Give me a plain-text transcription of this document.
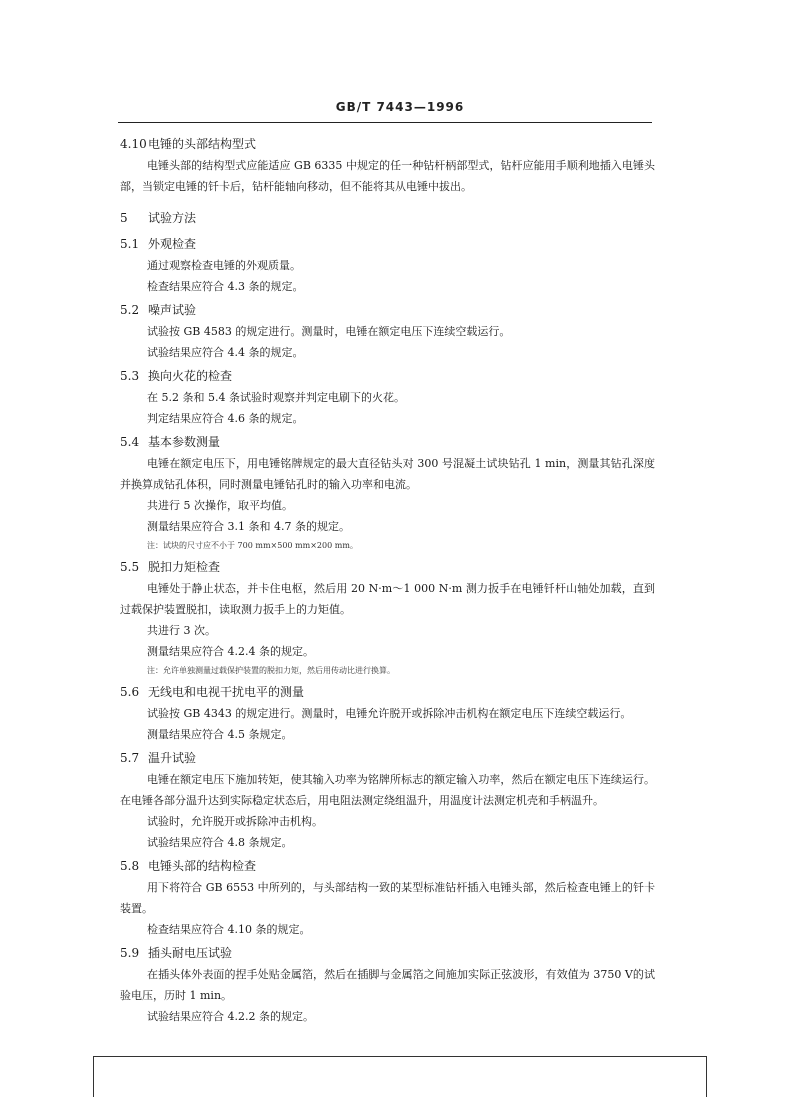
GB/T 7443—1996
4.10电锤的头部结构型式

电锤头部的结构型式应能适应 GB 6335 中规定的任一种钻杆柄部型式，钻杆应能用手顺利地插入电锤头部，当锁定电锤的钎卡后，钻杆能轴向移动，但不能将其从电锤中拔出。

5 试验方法
5.1 外观检查

通过观察检查电锤的外观质量。

检查结果应符合 4.3 条的规定。

5.2 噪声试验

试验按 GB 4583 的规定进行。测量时，电锤在额定电压下连续空载运行。

试验结果应符合 4.4 条的规定。

5.3 换向火花的检查

在 5.2 条和 5.4 条试验时观察并判定电刷下的火花。

判定结果应符合 4.6 条的规定。

5.4 基本参数测量

电锤在额定电压下，用电锤铭牌规定的最大直径钻头对 300 号混凝土试块钻孔 1 min，测量其钻孔深度并换算成钻孔体积，同时测量电锤钻孔时的输入功率和电流。

共进行 5 次操作，取平均值。

测量结果应符合 3.1 条和 4.7 条的规定。

注：试块的尺寸应不小于 700 mm×500 mm×200 mm。
5.5 脱扣力矩检查

电锤处于静止状态，并卡住电枢，然后用 20 N·m～1 000 N·m 测力扳手在电锤钎杆山轴处加载，直到过载保护装置脱扣，读取测力扳手上的力矩值。

共进行 3 次。

测量结果应符合 4.2.4 条的规定。

注：允许单独测量过载保护装置的脱扣力矩，然后用传动比进行换算。
5.6 无线电和电视干扰电平的测量

试验按 GB 4343 的规定进行。测量时，电锤允许脱开或拆除冲击机构在额定电压下连续空载运行。

测量结果应符合 4.5 条规定。

5.7 温升试验

电锤在额定电压下施加转矩，使其输入功率为铭牌所标志的额定输入功率，然后在额定电压下连续运行。在电锤各部分温升达到实际稳定状态后，用电阻法测定绕组温升，用温度计法测定机壳和手柄温升。

试验时，允许脱开或拆除冲击机构。

试验结果应符合 4.8 条规定。

5.8 电锤头部的结构检查

用下将符合 GB 6553 中所列的，与头部结构一致的某型标准钻杆插入电锤头部，然后检查电锤上的钎卡装置。

检查结果应符合 4.10 条的规定。

5.9 插头耐电压试验

在插头体外表面的捏手处贴金属箔，然后在插脚与金属箔之间施加实际正弦波形，有效值为 3750 V的试验电压，历时 1 min。

试验结果应符合 4.2.2 条的规定。
